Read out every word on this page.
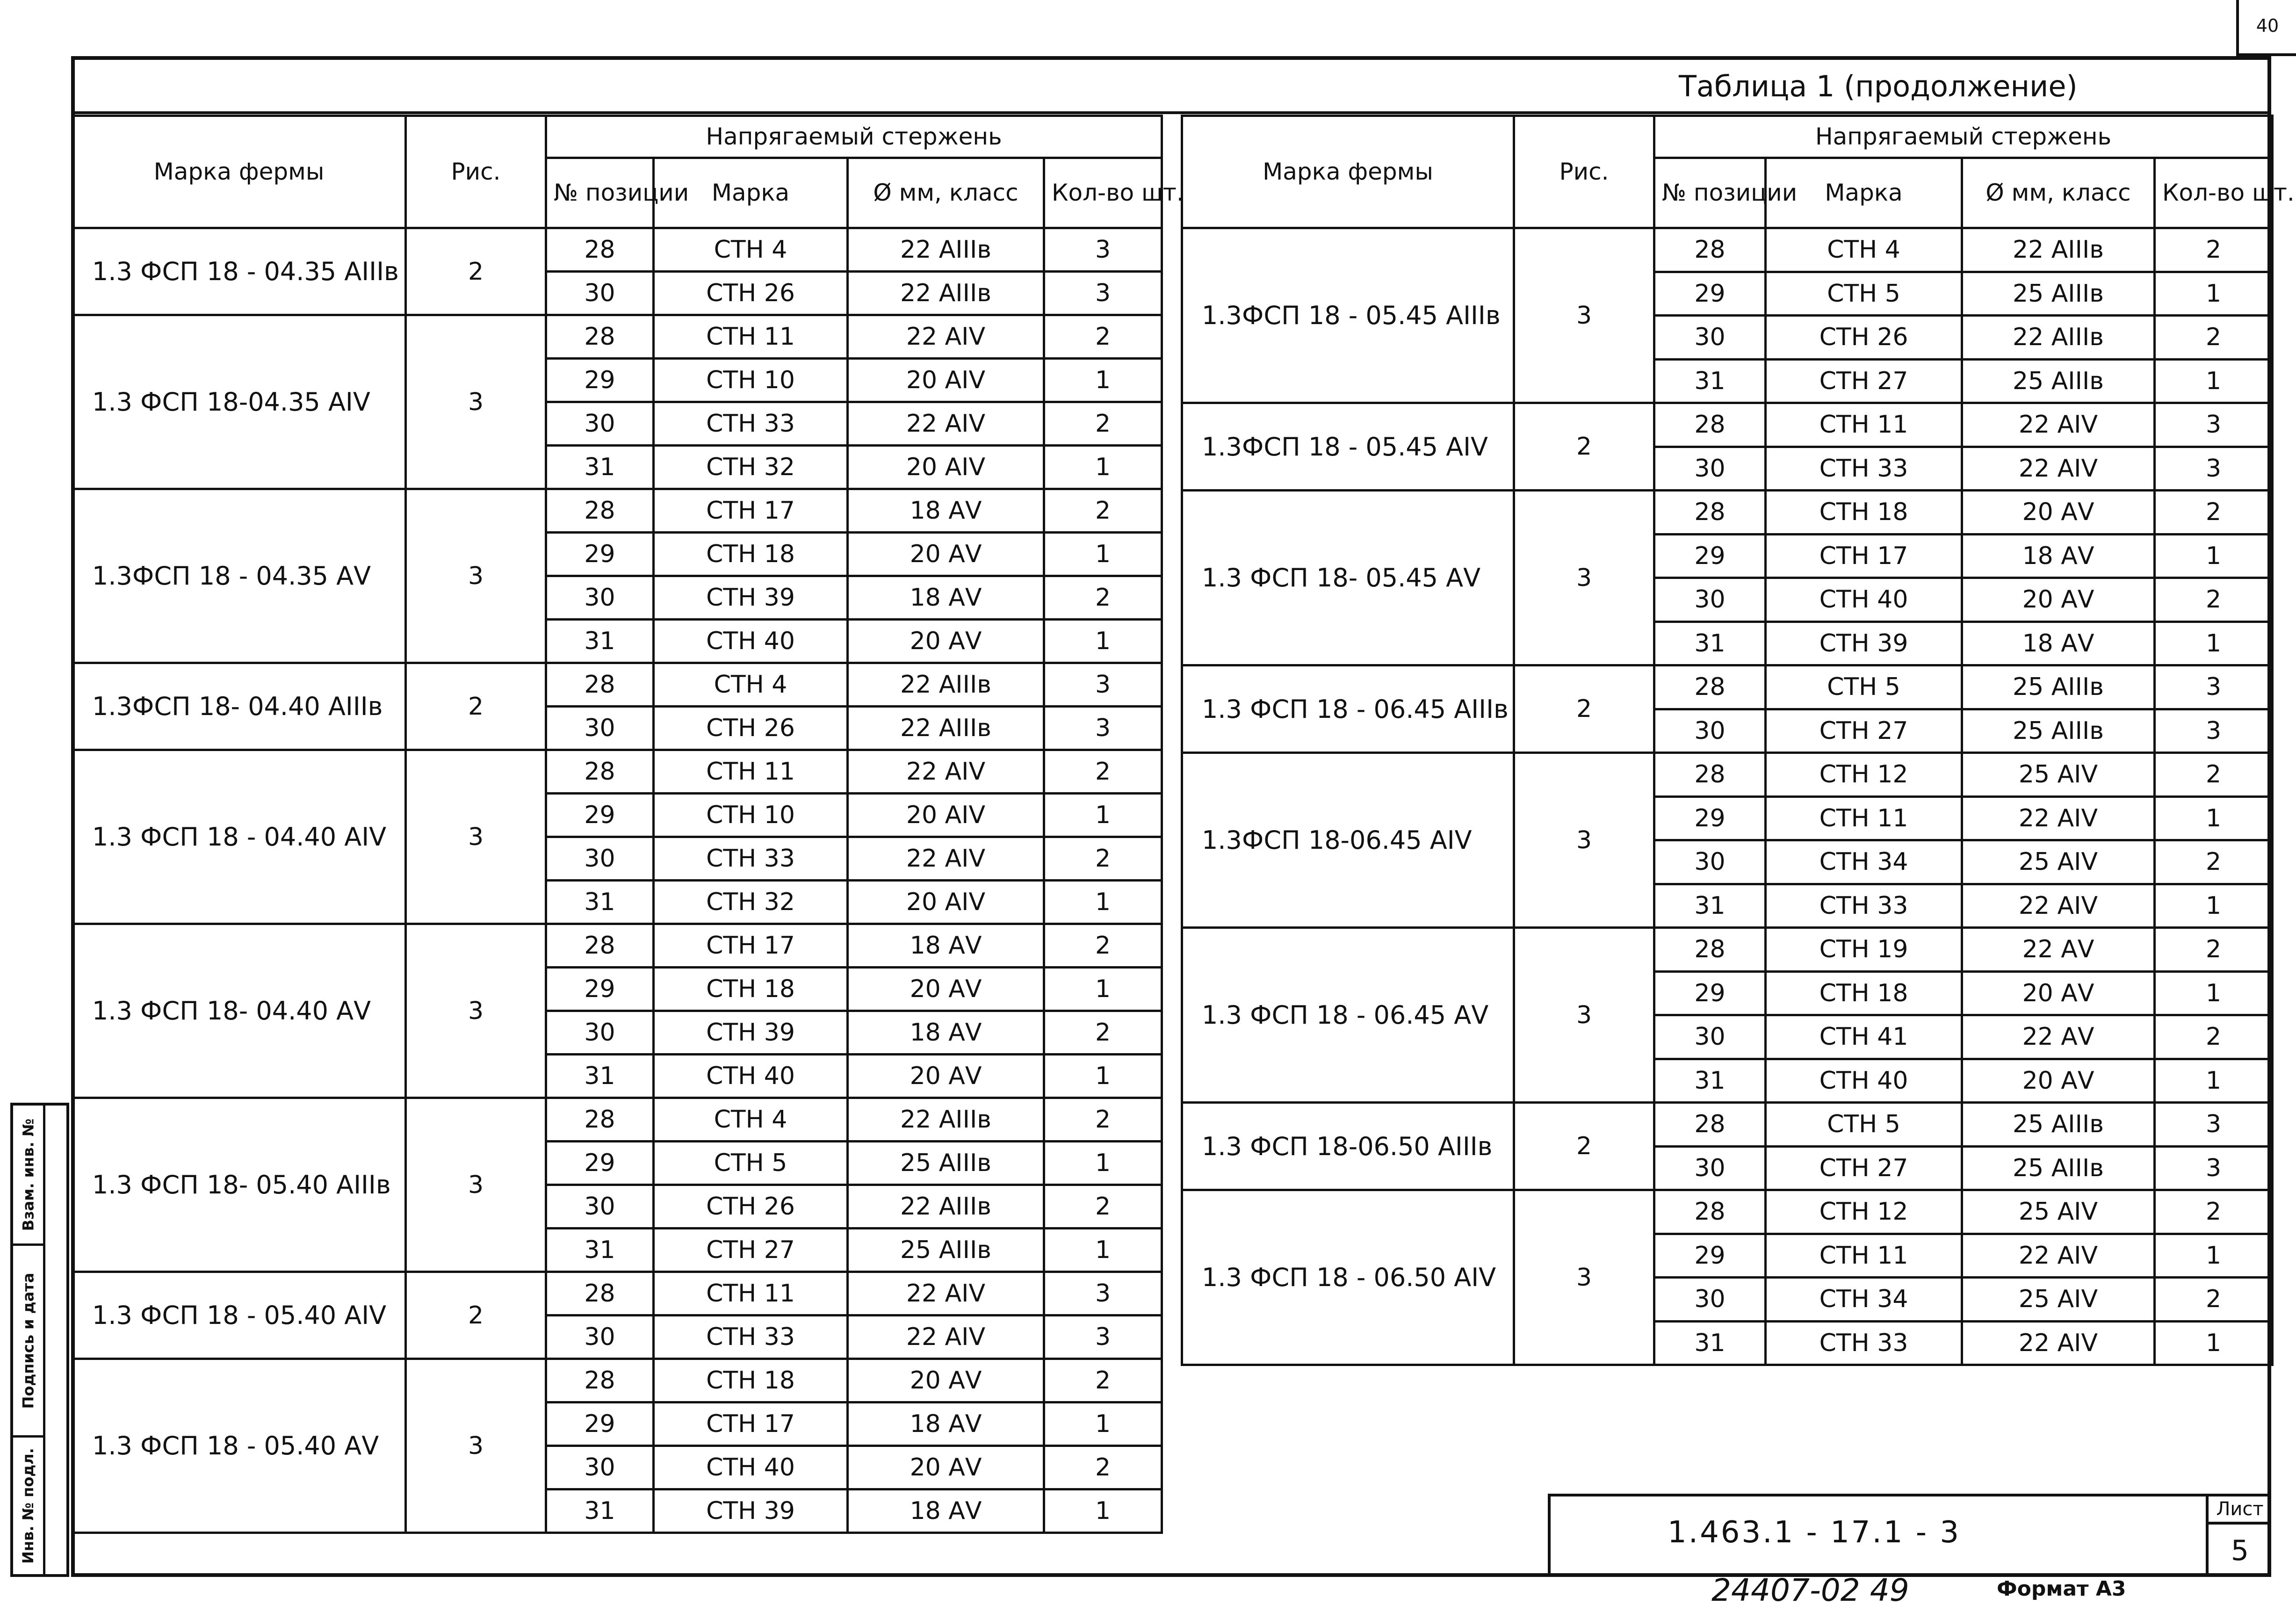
40
Таблица 1 (продолжение)
Марка фермы	Рис.	Напрягаемый стержень			
		№ позиции	Марка	Ø мм, класс	Кол-во шт.
1.3 ФСП 18 - 04.35 АIIIв	2	28	СТН 4	22 АIIIв	3
		30	СТН 26	22 АIIIв	3
1.3 ФСП 18-04.35 АIV	3	28	СТН 11	22 АIV	2
		29	СТН 10	20 АIV	1
		30	СТН 33	22 АIV	2
		31	СТН 32	20 АIV	1
1.3ФСП 18 - 04.35 АV	3	28	СТН 17	18 АV	2
		29	СТН 18	20 АV	1
		30	СТН 39	18 АV	2
		31	СТН 40	20 АV	1
1.3ФСП 18- 04.40 АIIIв	2	28	СТН 4	22 АIIIв	3
		30	СТН 26	22 АIIIв	3
1.3 ФСП 18 - 04.40 АIV	3	28	СТН 11	22 АIV	2
		29	СТН 10	20 АIV	1
		30	СТН 33	22 АIV	2
		31	СТН 32	20 АIV	1
1.3 ФСП 18- 04.40 АV	3	28	СТН 17	18 АV	2
		29	СТН 18	20 АV	1
		30	СТН 39	18 АV	2
		31	СТН 40	20 АV	1
1.3 ФСП 18- 05.40 АIIIв	3	28	СТН 4	22 АIIIв	2
		29	СТН 5	25 АIIIв	1
		30	СТН 26	22 АIIIв	2
		31	СТН 27	25 АIIIв	1
1.3 ФСП 18 - 05.40 АIV	2	28	СТН 11	22 АIV	3
		30	СТН 33	22 АIV	3
1.3 ФСП 18 - 05.40 АV	3	28	СТН 18	20 АV	2
		29	СТН 17	18 АV	1
		30	СТН 40	20 АV	2
		31	СТН 39	18 АV	1
Марка фермы	Рис.	Напрягаемый стержень			
		№ позиции	Марка	Ø мм, класс	Кол-во шт.
1.3ФСП 18 - 05.45 АIIIв	3	28	СТН 4	22 АIIIв	2
		29	СТН 5	25 АIIIв	1
		30	СТН 26	22 АIIIв	2
		31	СТН 27	25 АIIIв	1
1.3ФСП 18 - 05.45 АIV	2	28	СТН 11	22 АIV	3
		30	СТН 33	22 АIV	3
1.3 ФСП 18- 05.45 АV	3	28	СТН 18	20 АV	2
		29	СТН 17	18 АV	1
		30	СТН 40	20 АV	2
		31	СТН 39	18 АV	1
1.3 ФСП 18 - 06.45 АIIIв	2	28	СТН 5	25 АIIIв	3
		30	СТН 27	25 АIIIв	3
1.3ФСП 18-06.45 АIV	3	28	СТН 12	25 АIV	2
		29	СТН 11	22 АIV	1
		30	СТН 34	25 АIV	2
		31	СТН 33	22 АIV	1
1.3 ФСП 18 - 06.45 АV	3	28	СТН 19	22 АV	2
		29	СТН 18	20 АV	1
		30	СТН 41	22 АV	2
		31	СТН 40	20 АV	1
1.3 ФСП 18-06.50 АIIIв	2	28	СТН 5	25 АIIIв	3
		30	СТН 27	25 АIIIв	3
1.3 ФСП 18 - 06.50 АIV	3	28	СТН 12	25 АIV	2
		29	СТН 11	22 АIV	1
		30	СТН 34	25 АIV	2
		31	СТН 33	22 АIV	1
Взам. инв. №
Подпись и дата
Инв. № подл.	1.463.1 - 17.1 - 3
Лист
5
24407-02 49	Формат А3
